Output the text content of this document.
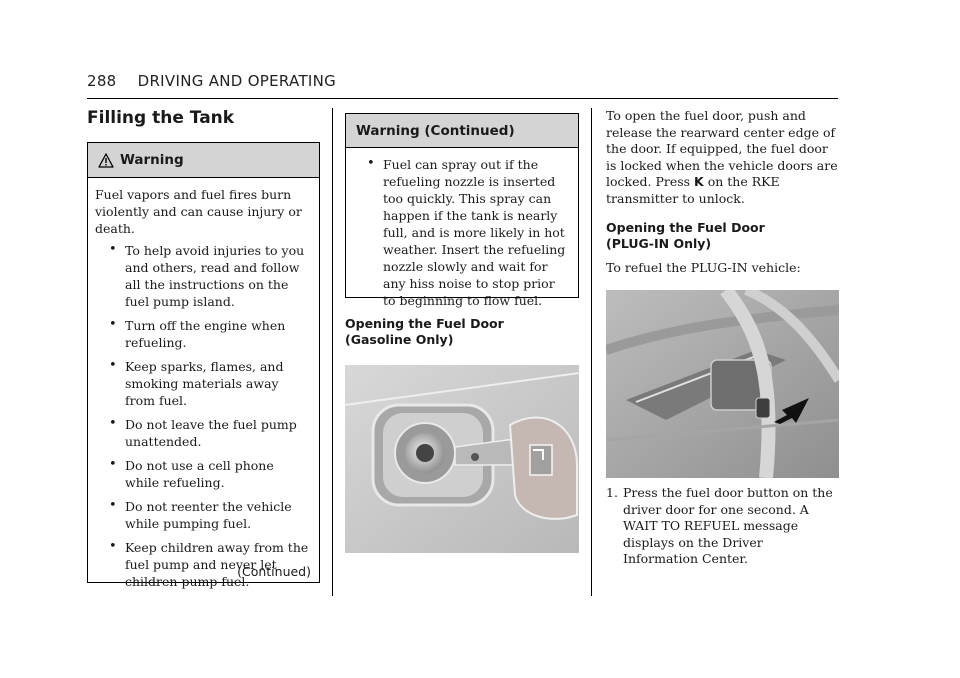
288 DRIVING AND OPERATING
Filling the Tank
Warning

Fuel vapors and fuel fires burn violently and can cause injury or death.

• To help avoid injuries to you and others, read and follow all the instructions on the fuel pump island.
• Turn off the engine when refueling.
• Keep sparks, flames, and smoking materials away from fuel.
• Do not leave the fuel pump unattended.
• Do not use a cell phone while refueling.
• Do not reenter the vehicle while pumping fuel.
• Keep children away from the fuel pump and never let children pump fuel.
(Continued)
Warning (Continued)
• Fuel can spray out if the refueling nozzle is inserted too quickly. This spray can happen if the tank is nearly full, and is more likely in hot weather. Insert the refueling nozzle slowly and wait for any hiss noise to stop prior to beginning to flow fuel.
Opening the Fuel Door (Gasoline Only)
To open the fuel door, push and release the rearward center edge of the door. If equipped, the fuel door is locked when the vehicle doors are locked. Press K on the RKE transmitter to unlock.
Opening the Fuel Door (PLUG-IN Only)
To refuel the PLUG-IN vehicle:
1. Press the fuel door button on the driver door for one second. A WAIT TO REFUEL message displays on the Driver Information Center.
